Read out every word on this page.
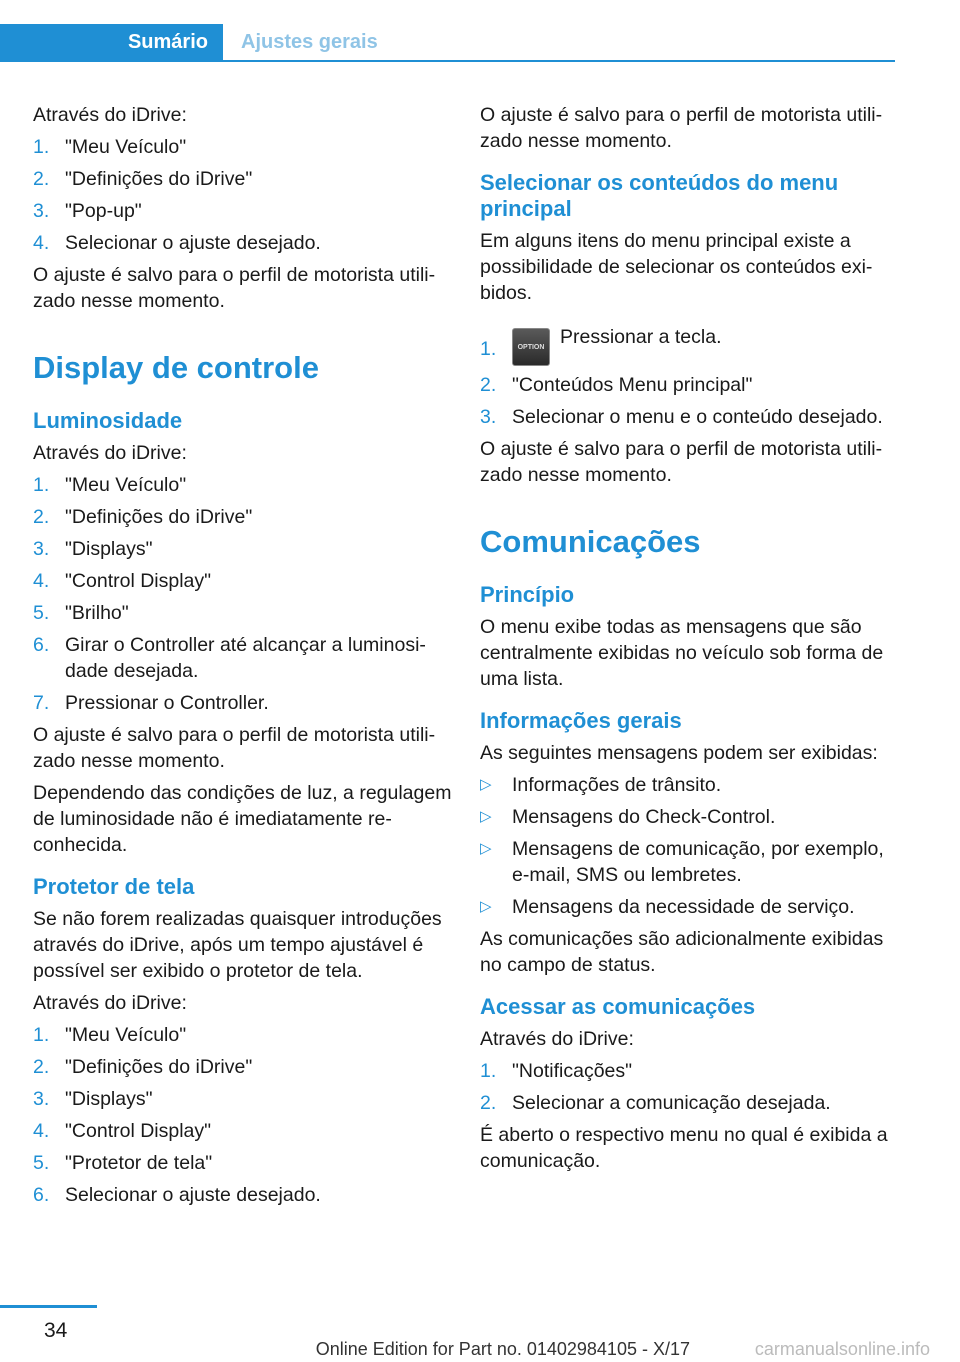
Sumário	Ajustes gerais

Através do iDrive:

1. "Meu Veículo"
2. "Definições do iDrive"
3. "Pop-up"
4. Selecionar o ajuste desejado.

O ajuste é salvo para o perfil de motorista utilizado nesse momento.

Display de controle
Luminosidade

Através do iDrive:

1. "Meu Veículo"
2. "Definições do iDrive"
3. "Displays"
4. "Control Display"
5. "Brilho"
6. Girar o Controller até alcançar a luminosidade desejada.
7. Pressionar o Controller.

O ajuste é salvo para o perfil de motorista utilizado nesse momento.

Dependendo das condições de luz, a regulagem de luminosidade não é imediatamente reconhecida.

Protetor de tela

Se não forem realizadas quaisquer introduções através do iDrive, após um tempo ajustável é possível ser exibido o protetor de tela.

Através do iDrive:

1. "Meu Veículo"
2. "Definições do iDrive"
3. "Displays"
4. "Control Display"
5. "Protetor de tela"
6. Selecionar o ajuste desejado.

O ajuste é salvo para o perfil de motorista utilizado nesse momento.

Selecionar os conteúdos do menu principal

Em alguns itens do menu principal existe a possibilidade de selecionar os conteúdos exibidos.

1.	OPTION Pressionar a tecla.
2. "Conteúdos Menu principal"
3. Selecionar o menu e o conteúdo desejado.

O ajuste é salvo para o perfil de motorista utilizado nesse momento.

Comunicações
Princípio

O menu exibe todas as mensagens que são centralmente exibidas no veículo sob forma de uma lista.

Informações gerais

As seguintes mensagens podem ser exibidas:

▷	Informações de trânsito.
▷	Mensagens do Check-Control.
▷	Mensagens de comunicação, por exemplo, e-mail, SMS ou lembretes.
▷	Mensagens da necessidade de serviço.

As comunicações são adicionalmente exibidas no campo de status.

Acessar as comunicações

Através do iDrive:

1. "Notificações"
2. Selecionar a comunicação desejada.

É aberto o respectivo menu no qual é exibida a comunicação.

34
Online Edition for Part no. 01402984105 - X/17	carmanualsonline.info
